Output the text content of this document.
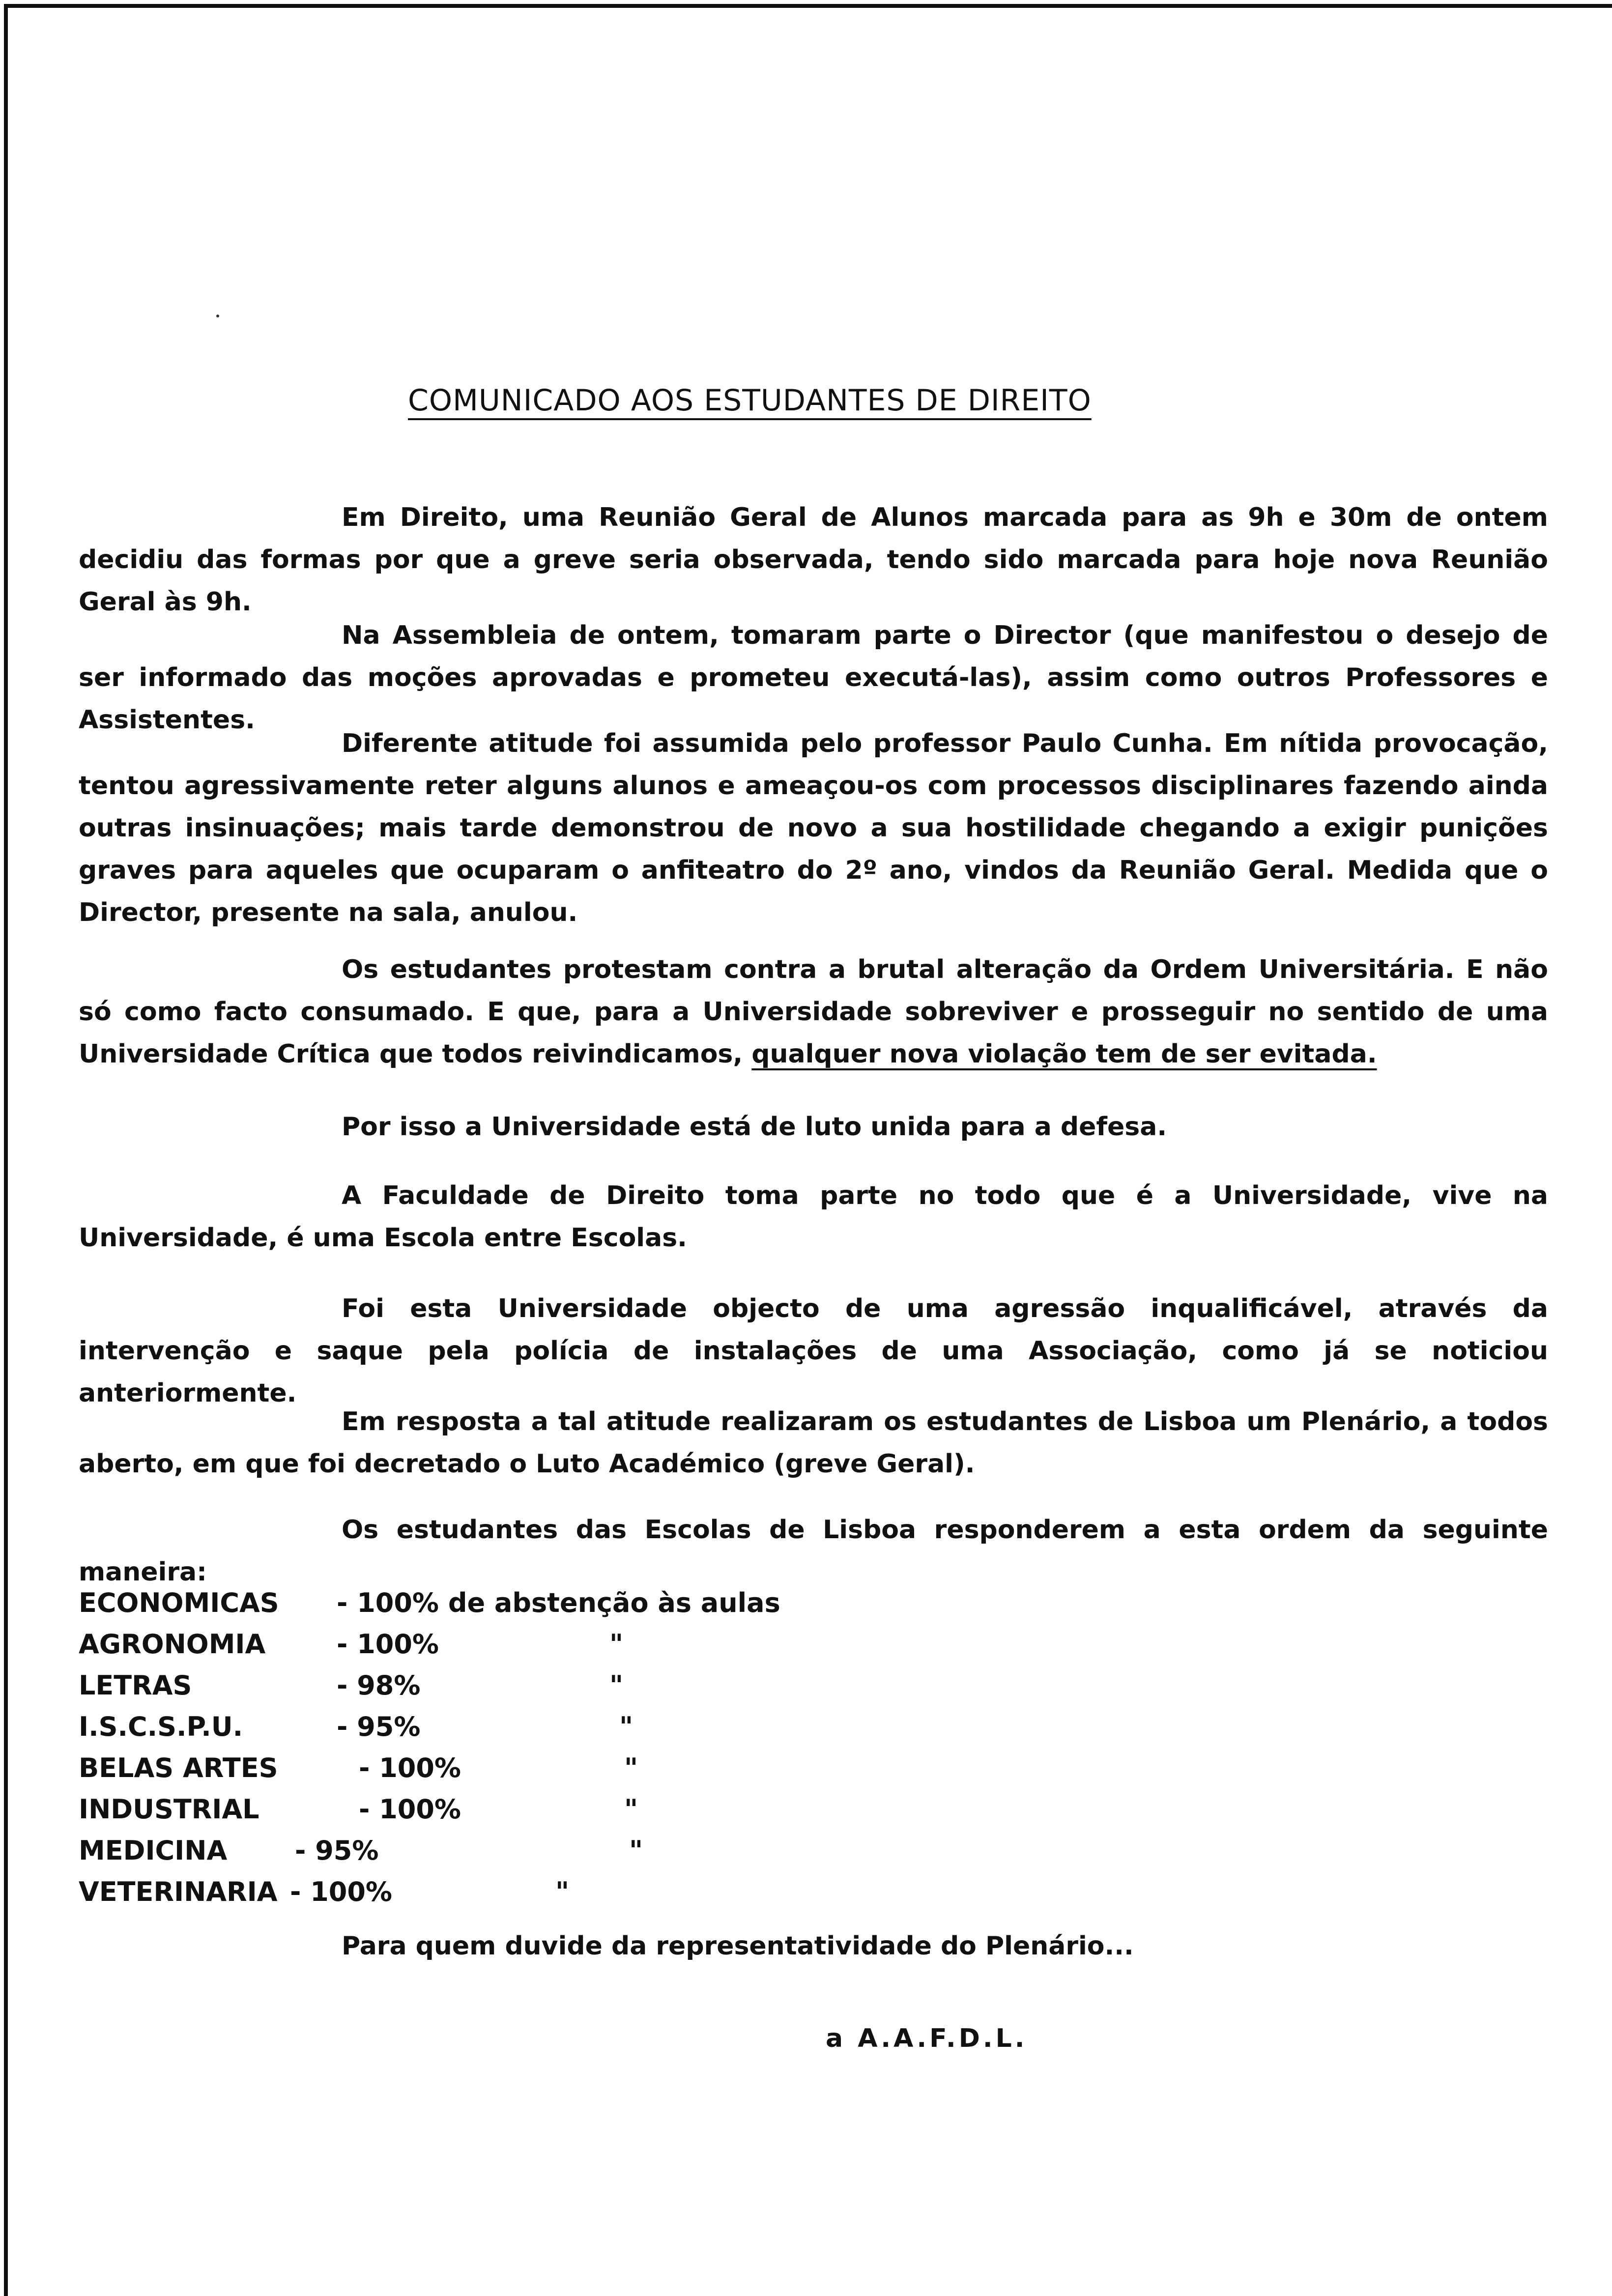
COMUNICADO AOS ESTUDANTES DE DIREITO

Em Direito, uma Reunião Geral de Alunos marcada para as 9h e 30m de ontem decidiu das formas por que a greve seria observada, tendo sido marcada para hoje nova Reunião Geral às 9h.

Na Assembleia de ontem, tomaram parte o Director (que manifestou o desejo de ser informado das moções aprovadas e prometeu executá-las), assim como outros Professores e Assistentes.

Diferente atitude foi assumida pelo professor Paulo Cunha. Em nítida provocação, tentou agressivamente reter alguns alunos e ameaçou-os com processos disciplinares fazendo ainda outras insinuações; mais tarde demonstrou de novo a sua hostilidade chegando a exigir punições graves para aqueles que ocuparam o anfiteatro do 2º ano, vindos da Reunião Geral. Medida que o Director, presente na sala, anulou.

Os estudantes protestam contra a brutal alteração da Ordem Universitária. E não só como facto consumado. E que, para a Universidade sobreviver e prosseguir no sentido de uma Universidade Crítica que todos reivindicamos, qualquer nova violação tem de ser evitada.

Por isso a Universidade está de luto unida para a defesa.

A Faculdade de Direito toma parte no todo que é a Universidade, vive na Universidade, é uma Escola entre Escolas.

Foi esta Universidade objecto de uma agressão inqualificável, através da intervenção e saque pela polícia de instalações de uma Associação, como já se noticiou anteriormente.

Em resposta a tal atitude realizaram os estudantes de Lisboa um Plenário, a todos aberto, em que foi decretado o Luto Académico (greve Geral).

Os estudantes das Escolas de Lisboa responderem a esta ordem da seguinte maneira:

ECONOMICAS - 100% de abstenção às aulas
AGRONOMIA	- 100%	"
LETRAS	- 98%	"
I.S.C.S.P.U.	- 95%	"
BELAS ARTES	- 100%	"
INDUSTRIAL	- 100%	"
MEDICINA	- 95%	"
VETERINARIA - 100%	"
Para quem duvide da representatividade do Plenário...
a A.A.F.D.L.
